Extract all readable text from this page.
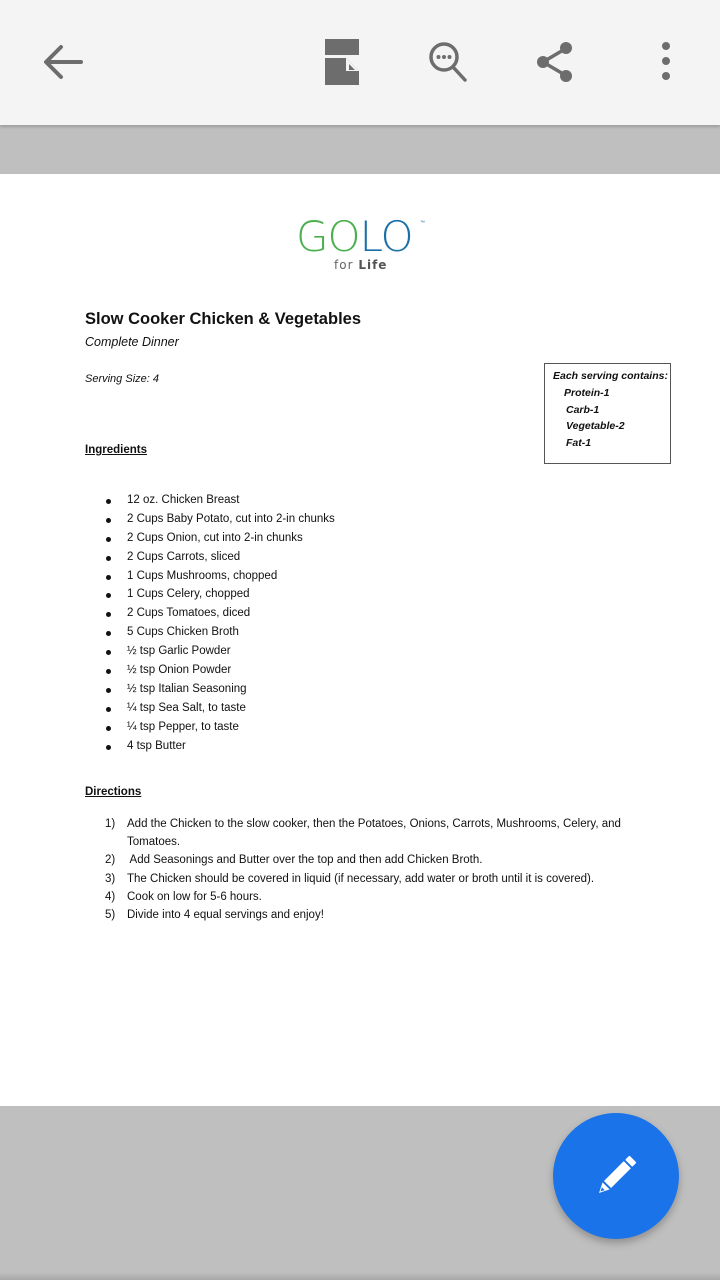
GOLO ™
for Life
Slow Cooker Chicken & Vegetables
Complete Dinner
Serving Size: 4	Each serving contains:
Protein-1
Carb-1
Vegetable-2
Fat-1
Ingredients
12 oz. Chicken Breast
2 Cups Baby Potato, cut into 2-in chunks
2 Cups Onion, cut into 2-in chunks
2 Cups Carrots, sliced
1 Cups Mushrooms, chopped
1 Cups Celery, chopped
2 Cups Tomatoes, diced
5 Cups Chicken Broth
½ tsp Garlic Powder
½ tsp Onion Powder
½ tsp Italian Seasoning
¼ tsp Sea Salt, to taste
¼ tsp Pepper, to taste
4 tsp Butter
Directions
1) Add the Chicken to the slow cooker, then the Potatoes, Onions, Carrots, Mushrooms, Celery, and Tomatoes.
2) Add Seasonings and Butter over the top and then add Chicken Broth.
3) The Chicken should be covered in liquid (if necessary, add water or broth until it is covered).
4) Cook on low for 5-6 hours.
5) Divide into 4 equal servings and enjoy!
